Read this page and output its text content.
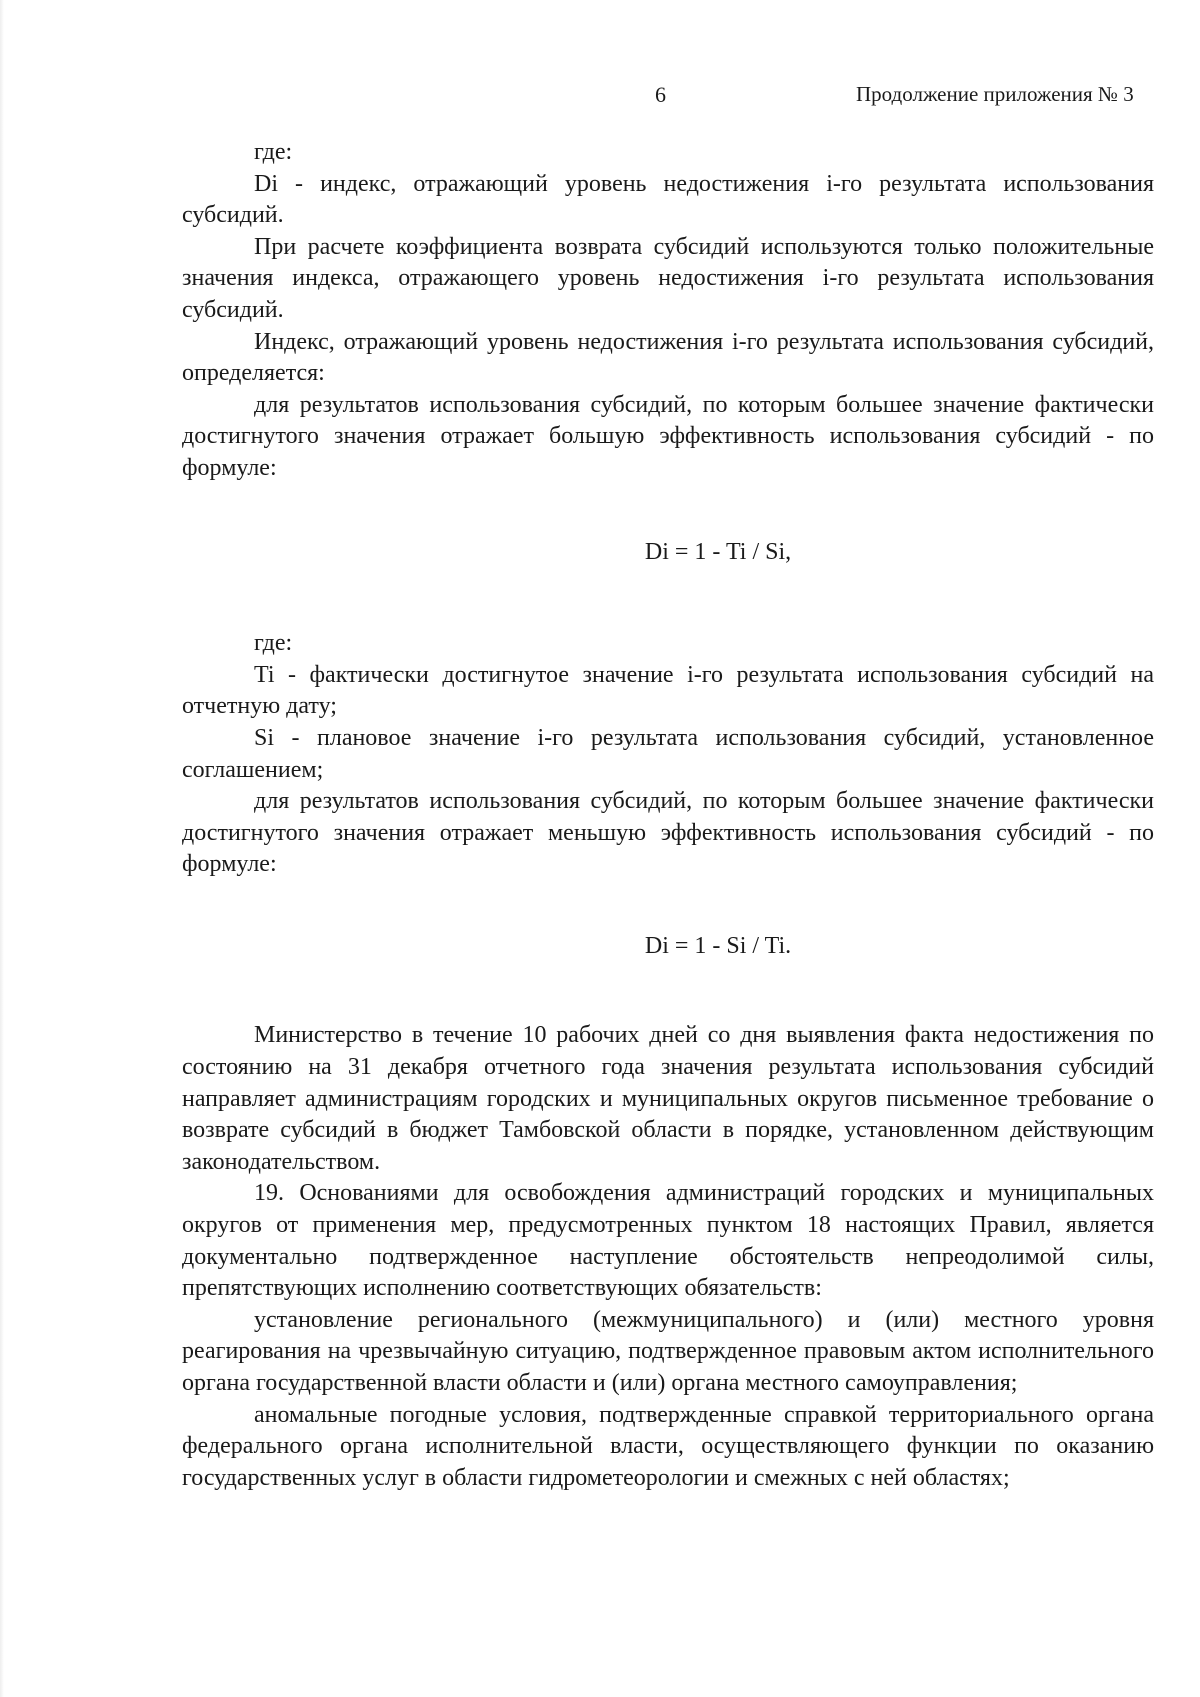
6	Продолжение приложения № 3

где:

Di - индекс, отражающий уровень недостижения i-го результата использования субсидий.

При расчете коэффициента возврата субсидий используются только положительные значения индекса, отражающего уровень недостижения i-го результата использования субсидий.

Индекс, отражающий уровень недостижения i-го результата использования субсидий, определяется:

для результатов использования субсидий, по которым большее значение фактически достигнутого значения отражает большую эффективность использования субсидий - по формуле:

Di = 1 - Ti / Si,

где:

Ti - фактически достигнутое значение i-го результата использования субсидий на отчетную дату;

Si - плановое значение i-го результата использования субсидий, установленное соглашением;

для результатов использования субсидий, по которым большее значение фактически достигнутого значения отражает меньшую эффективность использования субсидий - по формуле:

Di = 1 - Si / Ti.

Министерство в течение 10 рабочих дней со дня выявления факта недостижения по состоянию на 31 декабря отчетного года значения результата использования субсидий направляет администрациям городских и муниципальных округов письменное требование о возврате субсидий в бюджет Тамбовской области в порядке, установленном действующим законодательством.

19. Основаниями для освобождения администраций городских и муниципальных округов от применения мер, предусмотренных пунктом 18 настоящих Правил, является документально подтвержденное наступление обстоятельств непреодолимой силы, препятствующих исполнению соответствующих обязательств:

установление регионального (межмуниципального) и (или) местного уровня реагирования на чрезвычайную ситуацию, подтвержденное правовым актом исполнительного органа государственной власти области и (или) органа местного самоуправления;

аномальные погодные условия, подтвержденные справкой территориального органа федерального органа исполнительной власти, осуществляющего функции по оказанию государственных услуг в области гидрометеорологии и смежных с ней областях;
